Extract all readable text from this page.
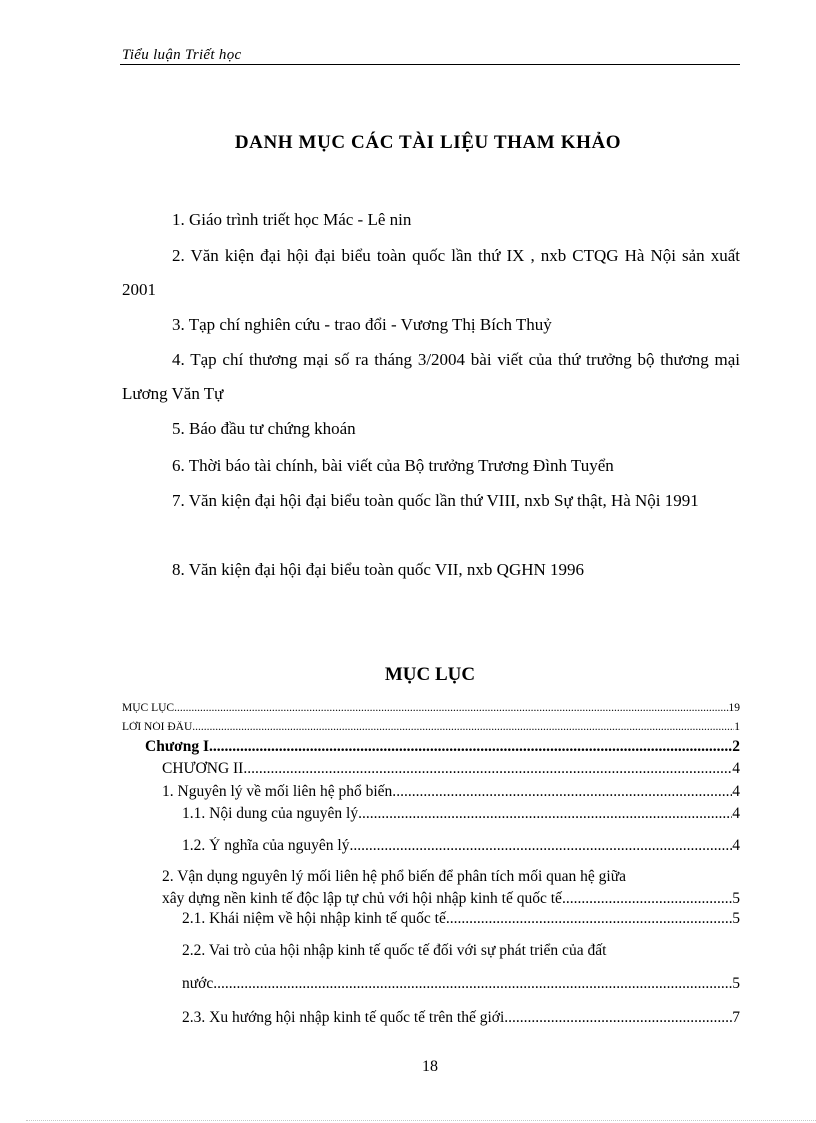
Tiểu luận Triết học
DANH MỤC CÁC TÀI LIỆU THAM KHẢO
1. Giáo trình triết học Mác - Lê nin
2. Văn kiện đại hội đại biểu toàn quốc lần thứ IX , nxb CTQG Hà Nội sản xuất 2001
3. Tạp chí nghiên cứu - trao đổi - Vương Thị Bích Thuỷ
4. Tạp chí thương mại số ra tháng 3/2004 bài viết của thứ trưởng bộ thương mại Lương Văn Tự
5. Báo đầu tư chứng khoán
6. Thời báo tài chính, bài viết của Bộ trưởng Trương Đình Tuyển
7. Văn kiện đại hội đại biểu toàn quốc lần thứ VIII, nxb Sự thật, Hà Nội 1991
8. Văn kiện đại hội đại biểu toàn quốc VII, nxb QGHN 1996
MỤC LỤC
MỤC LỤC .....	19
LỜI NÓI ĐẦU .....	1
Chương I .....	2
CHƯƠNG II .....	4
1. Nguyên lý về mối liên hệ phổ biến. .....	4
1.1. Nội dung của nguyên lý .....	4
1.2. Ý nghĩa của nguyên lý .....	4
2. Vận dụng nguyên lý mối liên hệ phổ biến để phân tích mối quan hệ giữa
xây dựng nền kinh tế độc lập tự chủ với hội nhập kinh tế quốc tế .....	5
2.1. Khái niệm về hội nhập kinh tế quốc tế .....	5
2.2. Vai trò của hội nhập kinh tế quốc tế đối với sự phát triển của đất
nước. .....	5
2.3. Xu hướng hội nhập kinh tế quốc tế trên thế giới .....	7
18
